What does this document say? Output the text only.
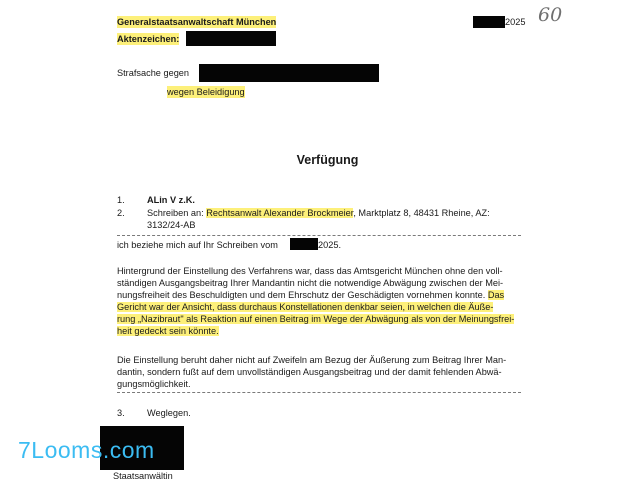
Generalstaatsanwaltschaft München	2025 60
Aktenzeichen:
Strafsache gegen
wegen Beleidigung
Verfügung
1. ALin V z.K.
2. Schreiben an: Rechtsanwalt Alexander Brockmeier, Marktplatz 8, 48431 Rheine, AZ:
3132/24-AB
ich beziehe mich auf Ihr Schreiben vom	2025.
Hintergrund der Einstellung des Verfahrens war, dass das Amtsgericht München ohne den voll-
ständigen Ausgangsbeitrag Ihrer Mandantin nicht die notwendige Abwägung zwischen der Mei-
nungsfreiheit des Beschuldigten und dem Ehrschutz der Geschädigten vornehmen konnte. Das
Gericht war der Ansicht, dass durchaus Konstellationen denkbar seien, in welchen die Äuße-
rung „Nazibraut" als Reaktion auf einen Beitrag im Wege der Abwägung als von der Meinungsfrei-
heit gedeckt sein könnte.
Die Einstellung beruht daher nicht auf Zweifeln am Bezug der Äußerung zum Beitrag Ihrer Man-
dantin, sondern fußt auf dem unvollständigen Ausgangsbeitrag und der damit fehlenden Abwä-
gungsmöglichkeit.
3. Weglegen.
Staatsanwältin
7Looms.com
